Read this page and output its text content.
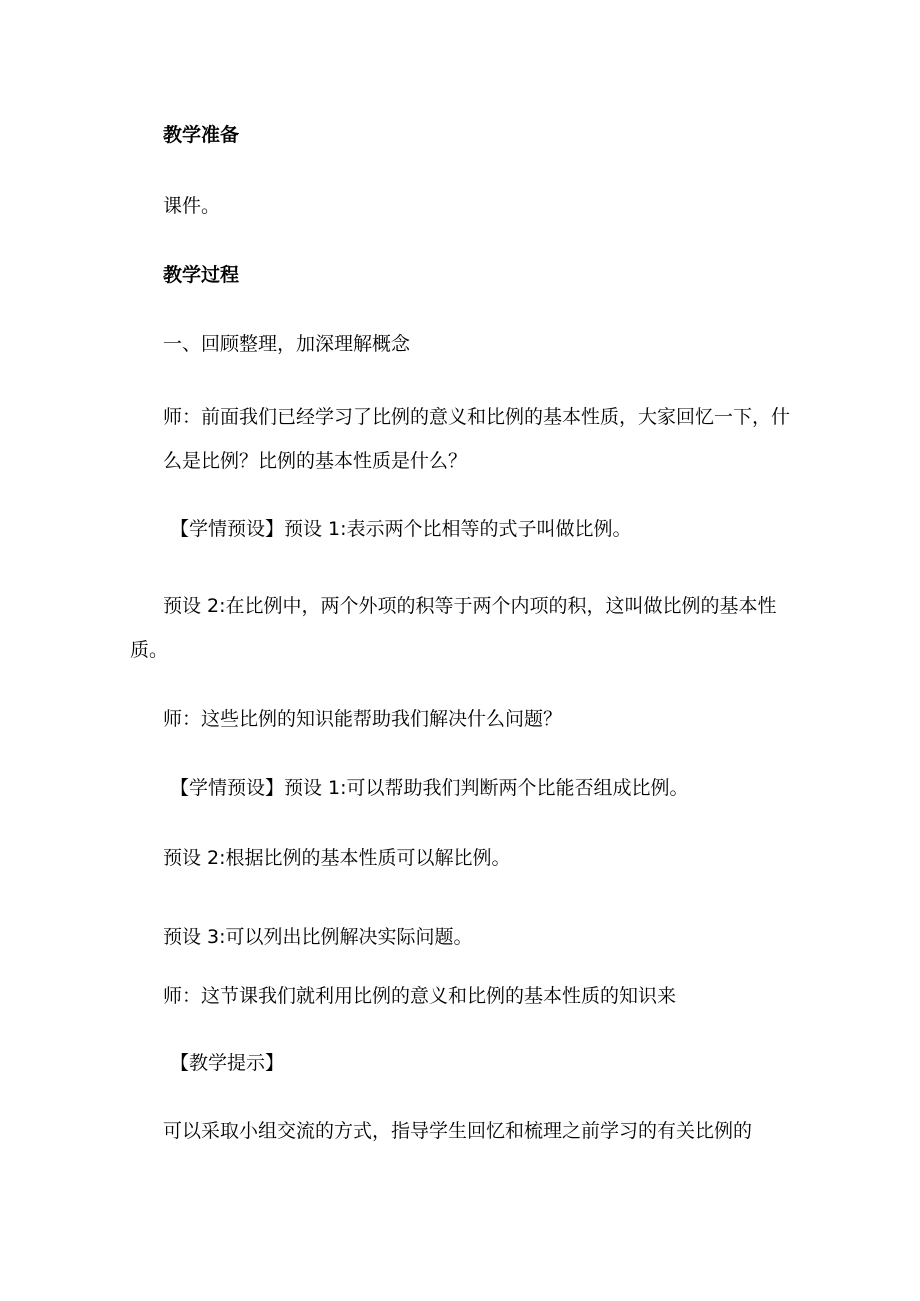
教学准备

课件。

教学过程

一、回顾整理，加深理解概念

师：前面我们已经学习了比例的意义和比例的基本性质，大家回忆一下，什么是比例？比例的基本性质是什么？

【学情预设】预设 1:表示两个比相等的式子叫做比例。

预设 2:在比例中，两个外项的积等于两个内项的积，这叫做比例的基本性质。

师：这些比例的知识能帮助我们解决什么问题？

【学情预设】预设 1:可以帮助我们判断两个比能否组成比例。

预设 2:根据比例的基本性质可以解比例。

预设 3:可以列出比例解决实际问题。

师：这节课我们就利用比例的意义和比例的基本性质的知识来

【教学提示】

可以采取小组交流的方式，指导学生回忆和梳理之前学习的有关比例的
